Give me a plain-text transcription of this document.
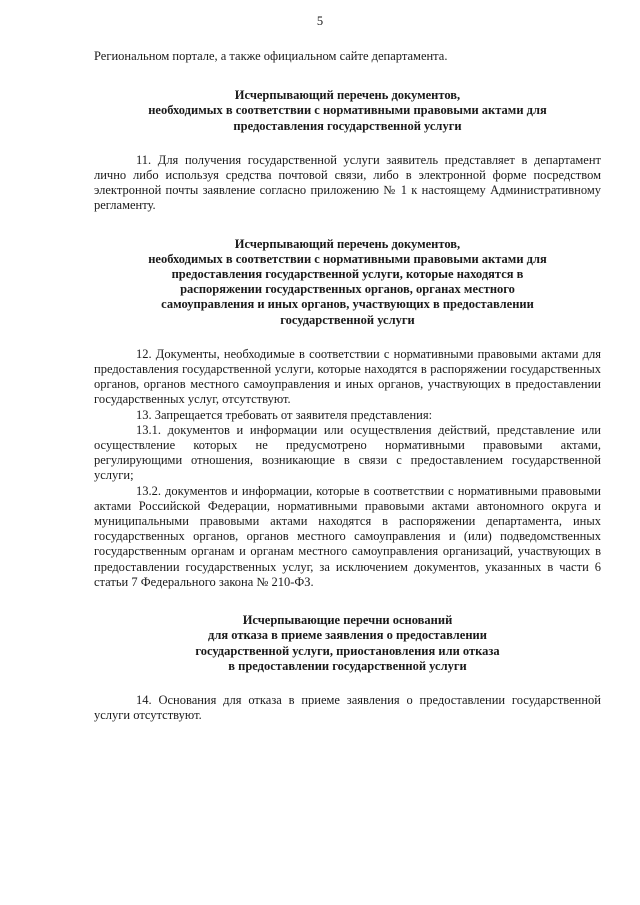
5

Региональном портале, а также официальном сайте департамента.

Исчерпывающий перечень документов,
необходимых в соответствии с нормативными правовыми актами для
предоставления государственной услуги

11. Для получения государственной услуги заявитель представляет в департамент лично либо используя средства почтовой связи, либо в электронной форме посредством электронной почты заявление согласно приложению № 1 к настоящему Административному регламенту.

Исчерпывающий перечень документов,
необходимых в соответствии с нормативными правовыми актами для
предоставления государственной услуги, которые находятся в
распоряжении государственных органов, органах местного
самоуправления и иных органов, участвующих в предоставлении
государственной услуги

12. Документы, необходимые в соответствии с нормативными правовыми актами для предоставления государственной услуги, которые находятся в распоряжении государственных органов, органов местного самоуправления и иных органов, участвующих в предоставлении государственных услуг, отсутствуют.

13. Запрещается требовать от заявителя представления:

13.1. документов и информации или осуществления действий, представление или осуществление которых не предусмотрено нормативными правовыми актами, регулирующими отношения, возникающие в связи с предоставлением государственной услуги;

13.2. документов и информации, которые в соответствии с нормативными правовыми актами Российской Федерации, нормативными правовыми актами автономного округа и муниципальными правовыми актами находятся в распоряжении департамента, иных государственных органов, органов местного самоуправления и (или) подведомственных государственным органам и органам местного самоуправления организаций, участвующих в предоставлении государственных услуг, за исключением документов, указанных в части 6 статьи 7 Федерального закона № 210-ФЗ.

Исчерпывающие перечни оснований
для отказа в приеме заявления о предоставлении
государственной услуги, приостановления или отказа
в предоставлении государственной услуги

14. Основания для отказа в приеме заявления о предоставлении государственной услуги отсутствуют.
